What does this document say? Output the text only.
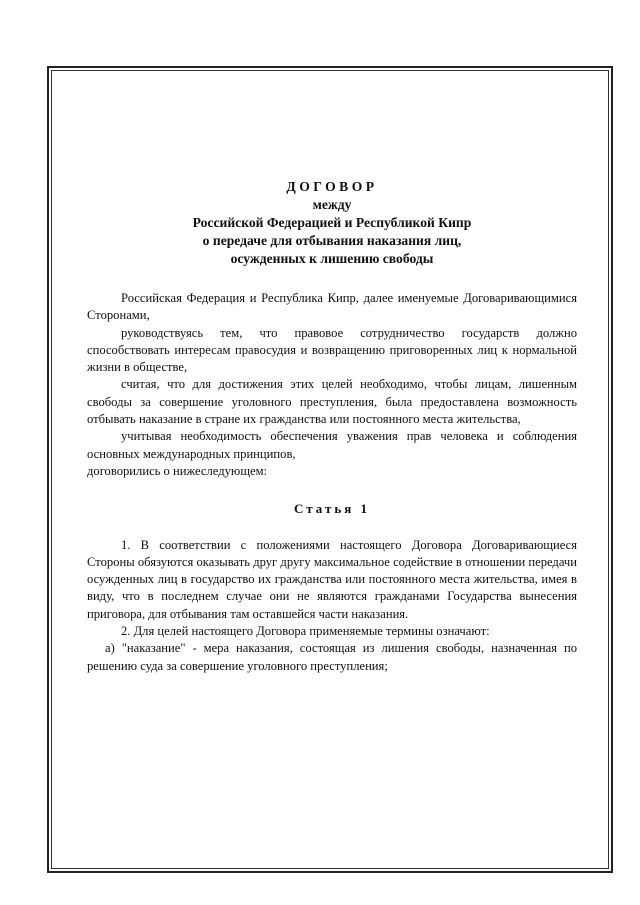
ДОГОВОР

между

Российской Федерацией и Республикой Кипр

о передаче для отбывания наказания лиц,

осужденных к лишению свободы

Российская Федерация и Республика Кипр, далее именуемые Договаривающимися Сторонами,

руководствуясь тем, что правовое сотрудничество государств должно способствовать интересам правосудия и возвращению приговоренных лиц к нормальной жизни в обществе,

считая, что для достижения этих целей необходимо, чтобы лицам, лишенным свободы за совершение уголовного преступления, была предоставлена возможность отбывать наказание в стране их гражданства или постоянного места жительства,

учитывая необходимость обеспечения уважения прав человека и соблюдения основных международных принципов,

договорились о нижеследующем:

Статья 1

1. В соответствии с положениями настоящего Договора Договаривающиеся Стороны обязуются оказывать друг другу максимальное содействие в отношении передачи осужденных лиц в государство их гражданства или постоянного места жительства, имея в виду, что в последнем случае они не являются гражданами Государства вынесения приговора, для отбывания там оставшейся части наказания.

2. Для целей настоящего Договора применяемые термины означают:

а) "наказание" - мера наказания, состоящая из лишения свободы, назначенная по решению суда за совершение уголовного преступления;
